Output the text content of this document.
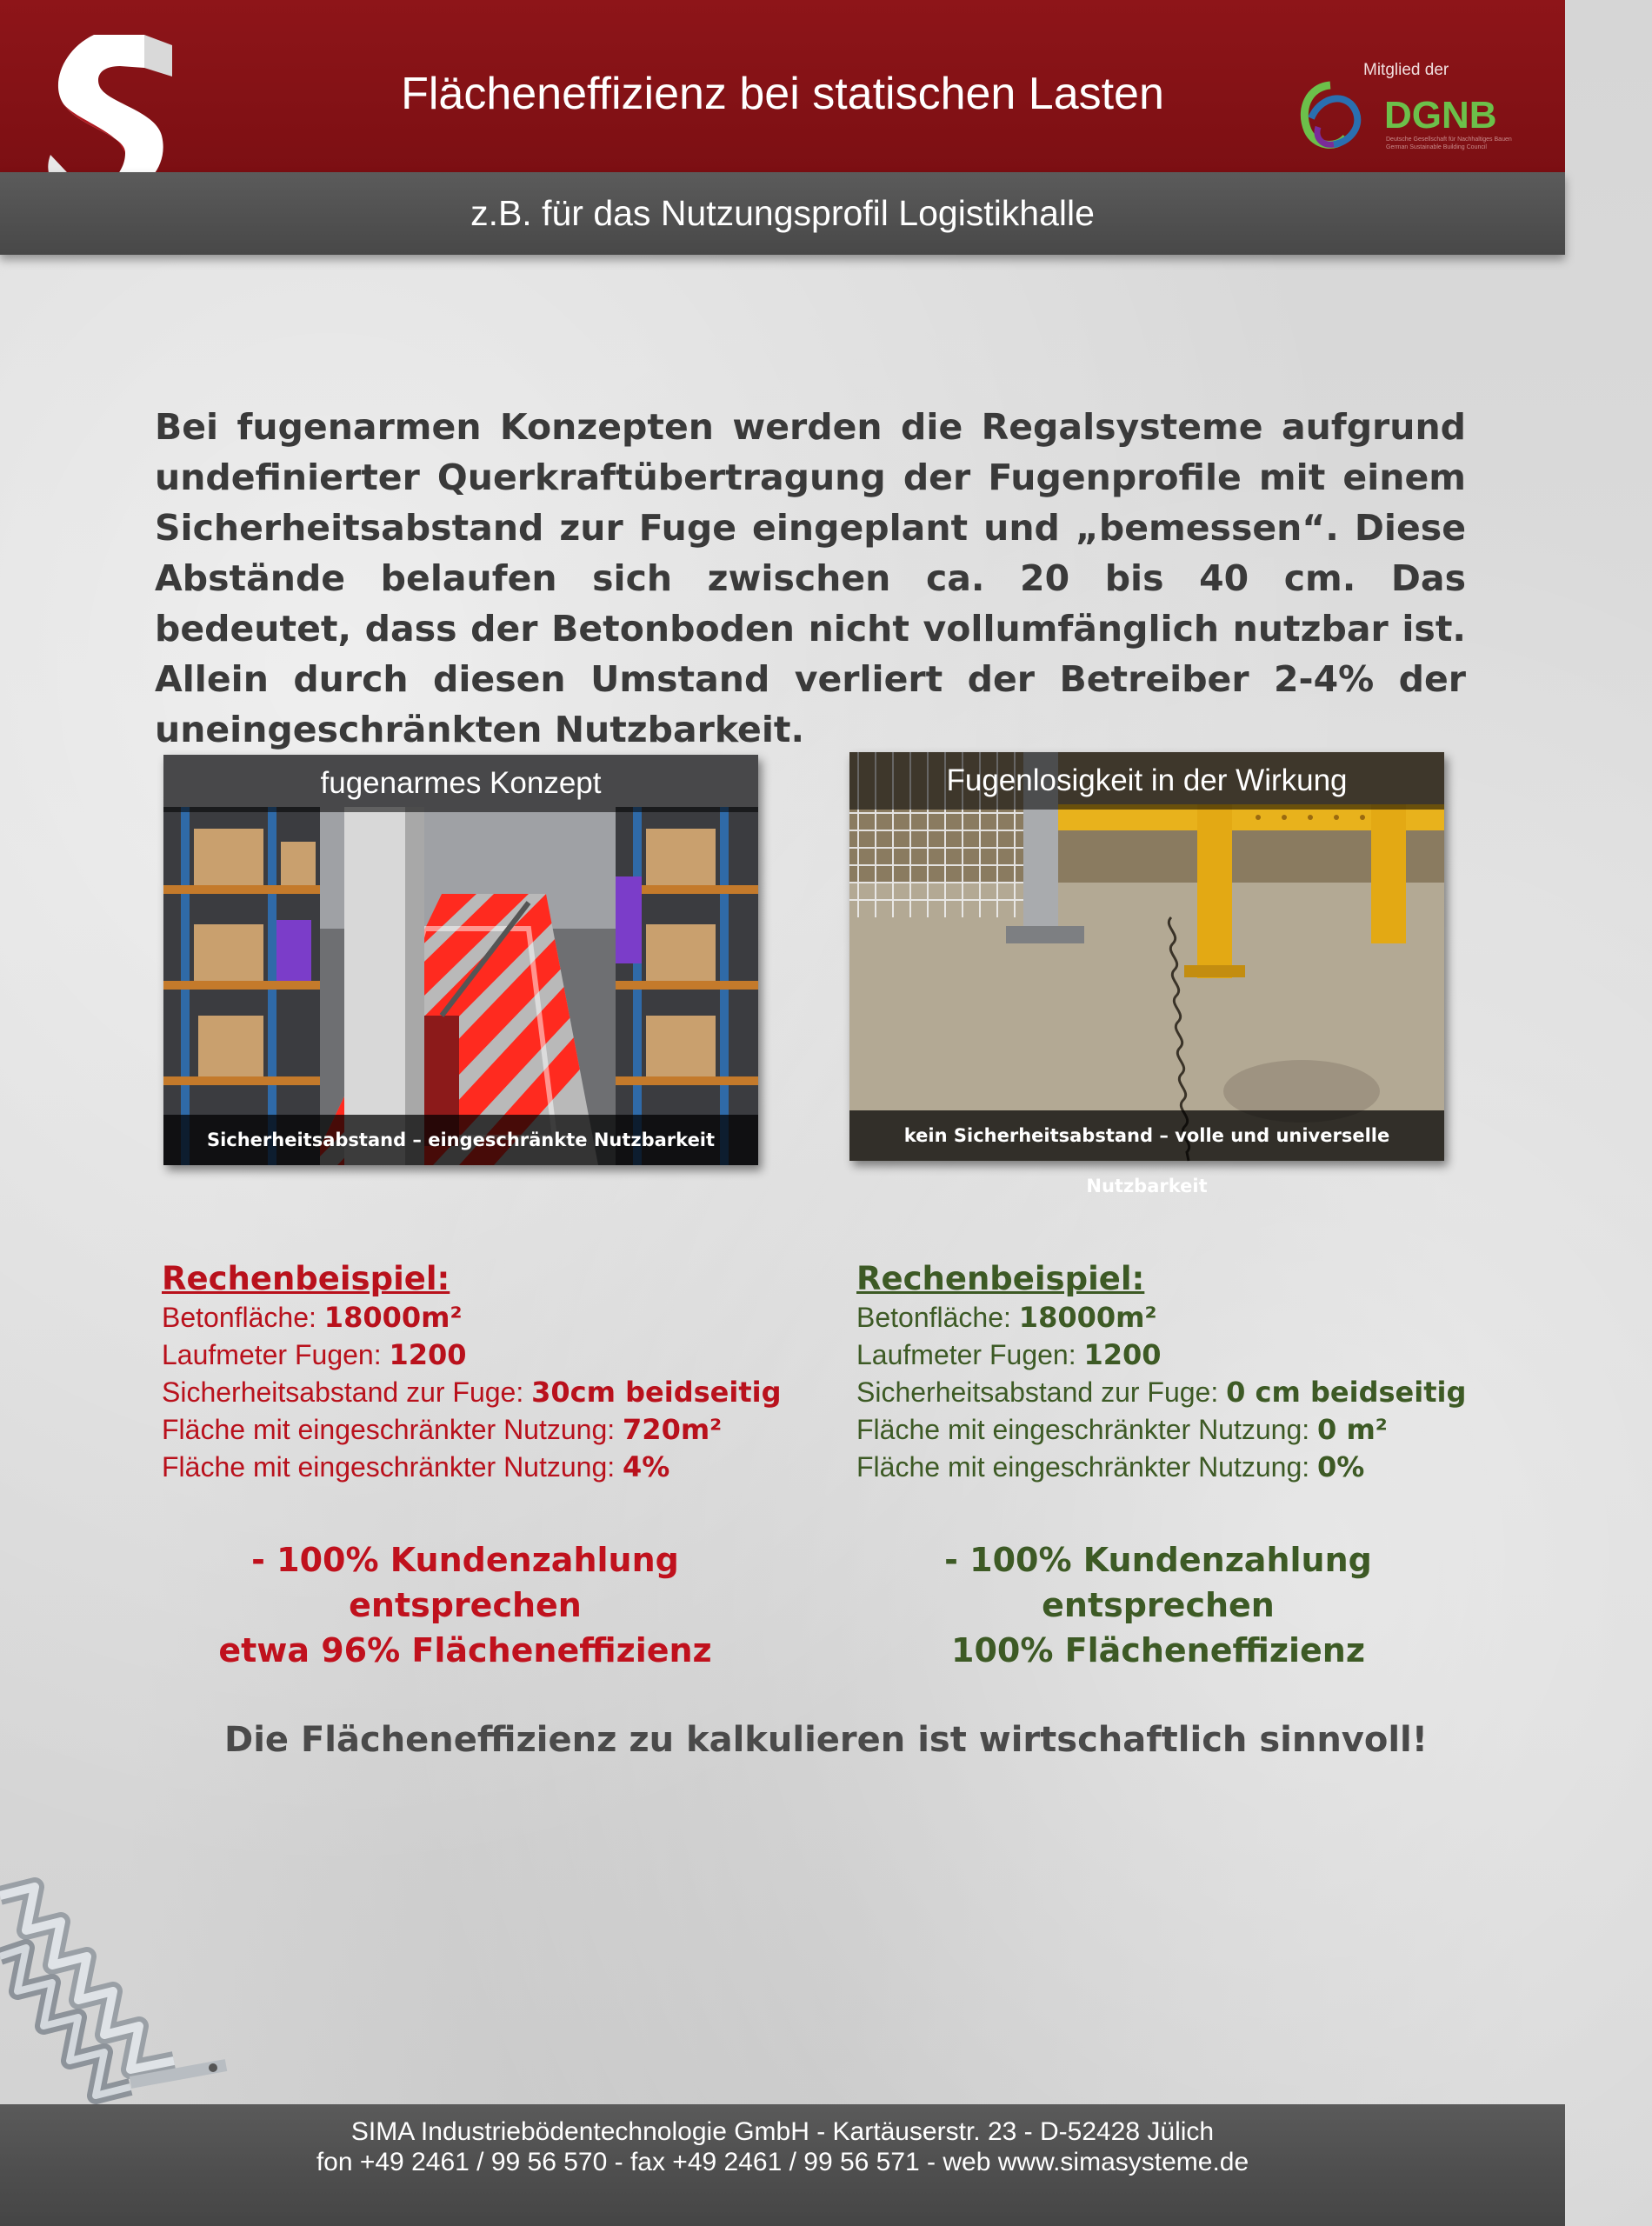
Flächeneffizienz bei statischen Lasten	Mitglied der
DGNB
Deutsche Gesellschaft für Nachhaltiges Bauen German Sustainable Building Council
z.B. für das Nutzungsprofil Logistikhalle
Bei fugenarmen Konzepten werden die Regalsysteme aufgrund undefinierter Querkraftübertragung der Fugenprofile mit einem Sicherheitsabstand zur Fuge eingeplant und „bemessen“. Diese Abstände belaufen sich zwischen ca. 20 bis 40 cm. Das bedeutet, dass der Betonboden nicht vollumfänglich nutzbar ist. Allein durch diesen Umstand verliert der Betreiber 2-4% der uneingeschränkten Nutzbarkeit.
fugenarmes Konzept
Sicherheitsabstand – eingeschränkte Nutzbarkeit
Fugenlosigkeit in der Wirkung
kein Sicherheitsabstand – volle und universelle Nutzbarkeit
Rechenbeispiel:
Betonfläche: 18000m²
Laufmeter Fugen: 1200
Sicherheitsabstand zur Fuge: 30cm beidseitig
Fläche mit eingeschränkter Nutzung: 720m²
Fläche mit eingeschränkter Nutzung: 4%
- 100% Kundenzahlung entsprechen
etwa 96% Flächeneffizienz
Rechenbeispiel:
Betonfläche: 18000m²
Laufmeter Fugen: 1200
Sicherheitsabstand zur Fuge: 0 cm beidseitig
Fläche mit eingeschränkter Nutzung: 0 m²
Fläche mit eingeschränkter Nutzung: 0%
- 100% Kundenzahlung entsprechen
100% Flächeneffizienz
Die Flächeneffizienz zu kalkulieren ist wirtschaftlich sinnvoll!
SIMA Industriebödentechnologie GmbH - Kartäuserstr. 23 - D-52428 Jülich
fon +49 2461 / 99 56 570 - fax +49 2461 / 99 56 571 - web www.simasysteme.de
